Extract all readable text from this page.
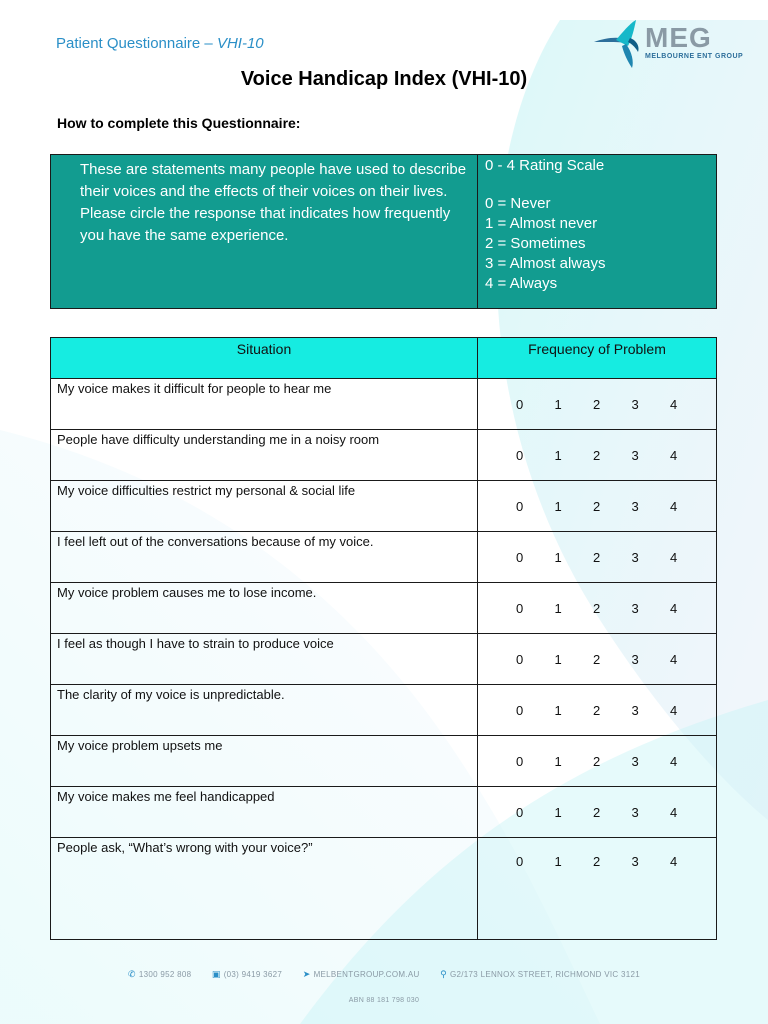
Patient Questionnaire – VHI-10	MEG
MELBOURNE ENT GROUP
Voice Handicap Index (VHI-10)
How to complete this Questionnaire:
These are statements many people have used to describe their voices and the effects of their voices on their lives.
Please circle the response that indicates how frequently you have the same experience.
0 - 4 Rating Scale
0 = Never
1 = Almost never
2 = Sometimes
3 = Almost always
4 = Always
Situation	Frequency of Problem
My voice makes it difficult for people to hear me	0 1 2 3 4

People have difficulty understanding me in a noisy room	0 1 2 3 4

My voice difficulties restrict my personal & social life	0 1 2 3 4

I feel left out of the conversations because of my voice.	0 1 2 3 4

My voice problem causes me to lose income.	0 1 2 3 4

I feel as though I have to strain to produce voice	0 1 2 3 4

The clarity of my voice is unpredictable.	0 1 2 3 4

My voice problem upsets me	0 1 2 3 4

My voice makes me feel handicapped	0 1 2 3 4

People ask, “What’s wrong with your voice?”	0 1 2 3 4
✆ 1300 952 808 ▣ (03) 9419 3627 ➤ MELBENTGROUP.COM.AU ⚲ G2/173 LENNOX STREET, RICHMOND VIC 3121
ABN 88 181 798 030
